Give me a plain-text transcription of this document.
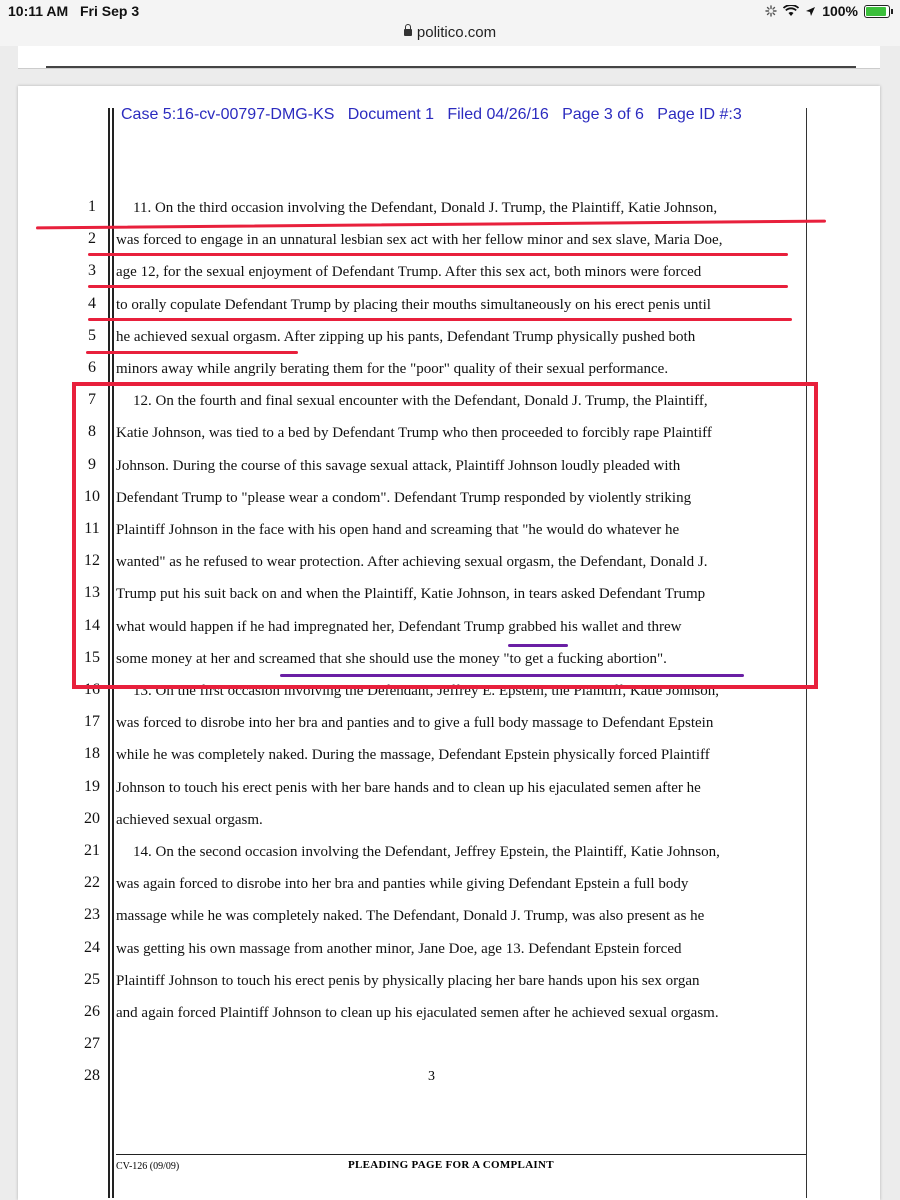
10:11 AM Fri Sep 3	100%
politico.com
Case 5:16-cv-00797-DMG-KS   Document 1   Filed 04/26/16   Page 3 of 6   Page ID #:3
1
2
3
4
5
6
7
8
9
10
11
12
13
14
15
16
17
18
19
20
21
22
23
24
25
26
27
28
11. On the third occasion involving the Defendant, Donald J. Trump, the Plaintiff, Katie Johnson,
was forced to engage in an unnatural lesbian sex act with her fellow minor and sex slave, Maria Doe,
age 12, for the sexual enjoyment of Defendant Trump. After this sex act, both minors were forced
to orally copulate Defendant Trump by placing their mouths simultaneously on his erect penis until
he achieved sexual orgasm. After zipping up his pants, Defendant Trump physically pushed both
minors away while angrily berating them for the "poor" quality of their sexual performance.
12. On the fourth and final sexual encounter with the Defendant, Donald J. Trump, the Plaintiff,
Katie Johnson, was tied to a bed by Defendant Trump who then proceeded to forcibly rape Plaintiff
Johnson. During the course of this savage sexual attack, Plaintiff Johnson loudly pleaded with
Defendant Trump to "please wear a condom". Defendant Trump responded by violently striking
Plaintiff Johnson in the face with his open hand and screaming that "he would do whatever he
wanted" as he refused to wear protection. After achieving sexual orgasm, the Defendant, Donald J.
Trump put his suit back on and when the Plaintiff, Katie Johnson, in tears asked Defendant Trump
what would happen if he had impregnated her, Defendant Trump grabbed his wallet and threw
some money at her and screamed that she should use the money "to get a fucking abortion".
13. On the first occasion involving the Defendant, Jeffrey E. Epstein, the Plaintiff, Katie Johnson,
was forced to disrobe into her bra and panties and to give a full body massage to Defendant Epstein
while he was completely naked. During the massage, Defendant Epstein physically forced Plaintiff
Johnson to touch his erect penis with her bare hands and to clean up his ejaculated semen after he
achieved sexual orgasm.
14. On the second occasion involving the Defendant, Jeffrey Epstein, the Plaintiff, Katie Johnson,
was again forced to disrobe into her bra and panties while giving Defendant Epstein a full body
massage while he was completely naked. The Defendant, Donald J. Trump, was also present as he
was getting his own massage from another minor, Jane Doe, age 13. Defendant Epstein forced
Plaintiff Johnson to touch his erect penis by physically placing her bare hands upon his sex organ
and again forced Plaintiff Johnson to clean up his ejaculated semen after he achieved sexual orgasm.
3
CV-126 (09/09)	PLEADING PAGE FOR A COMPLAINT
